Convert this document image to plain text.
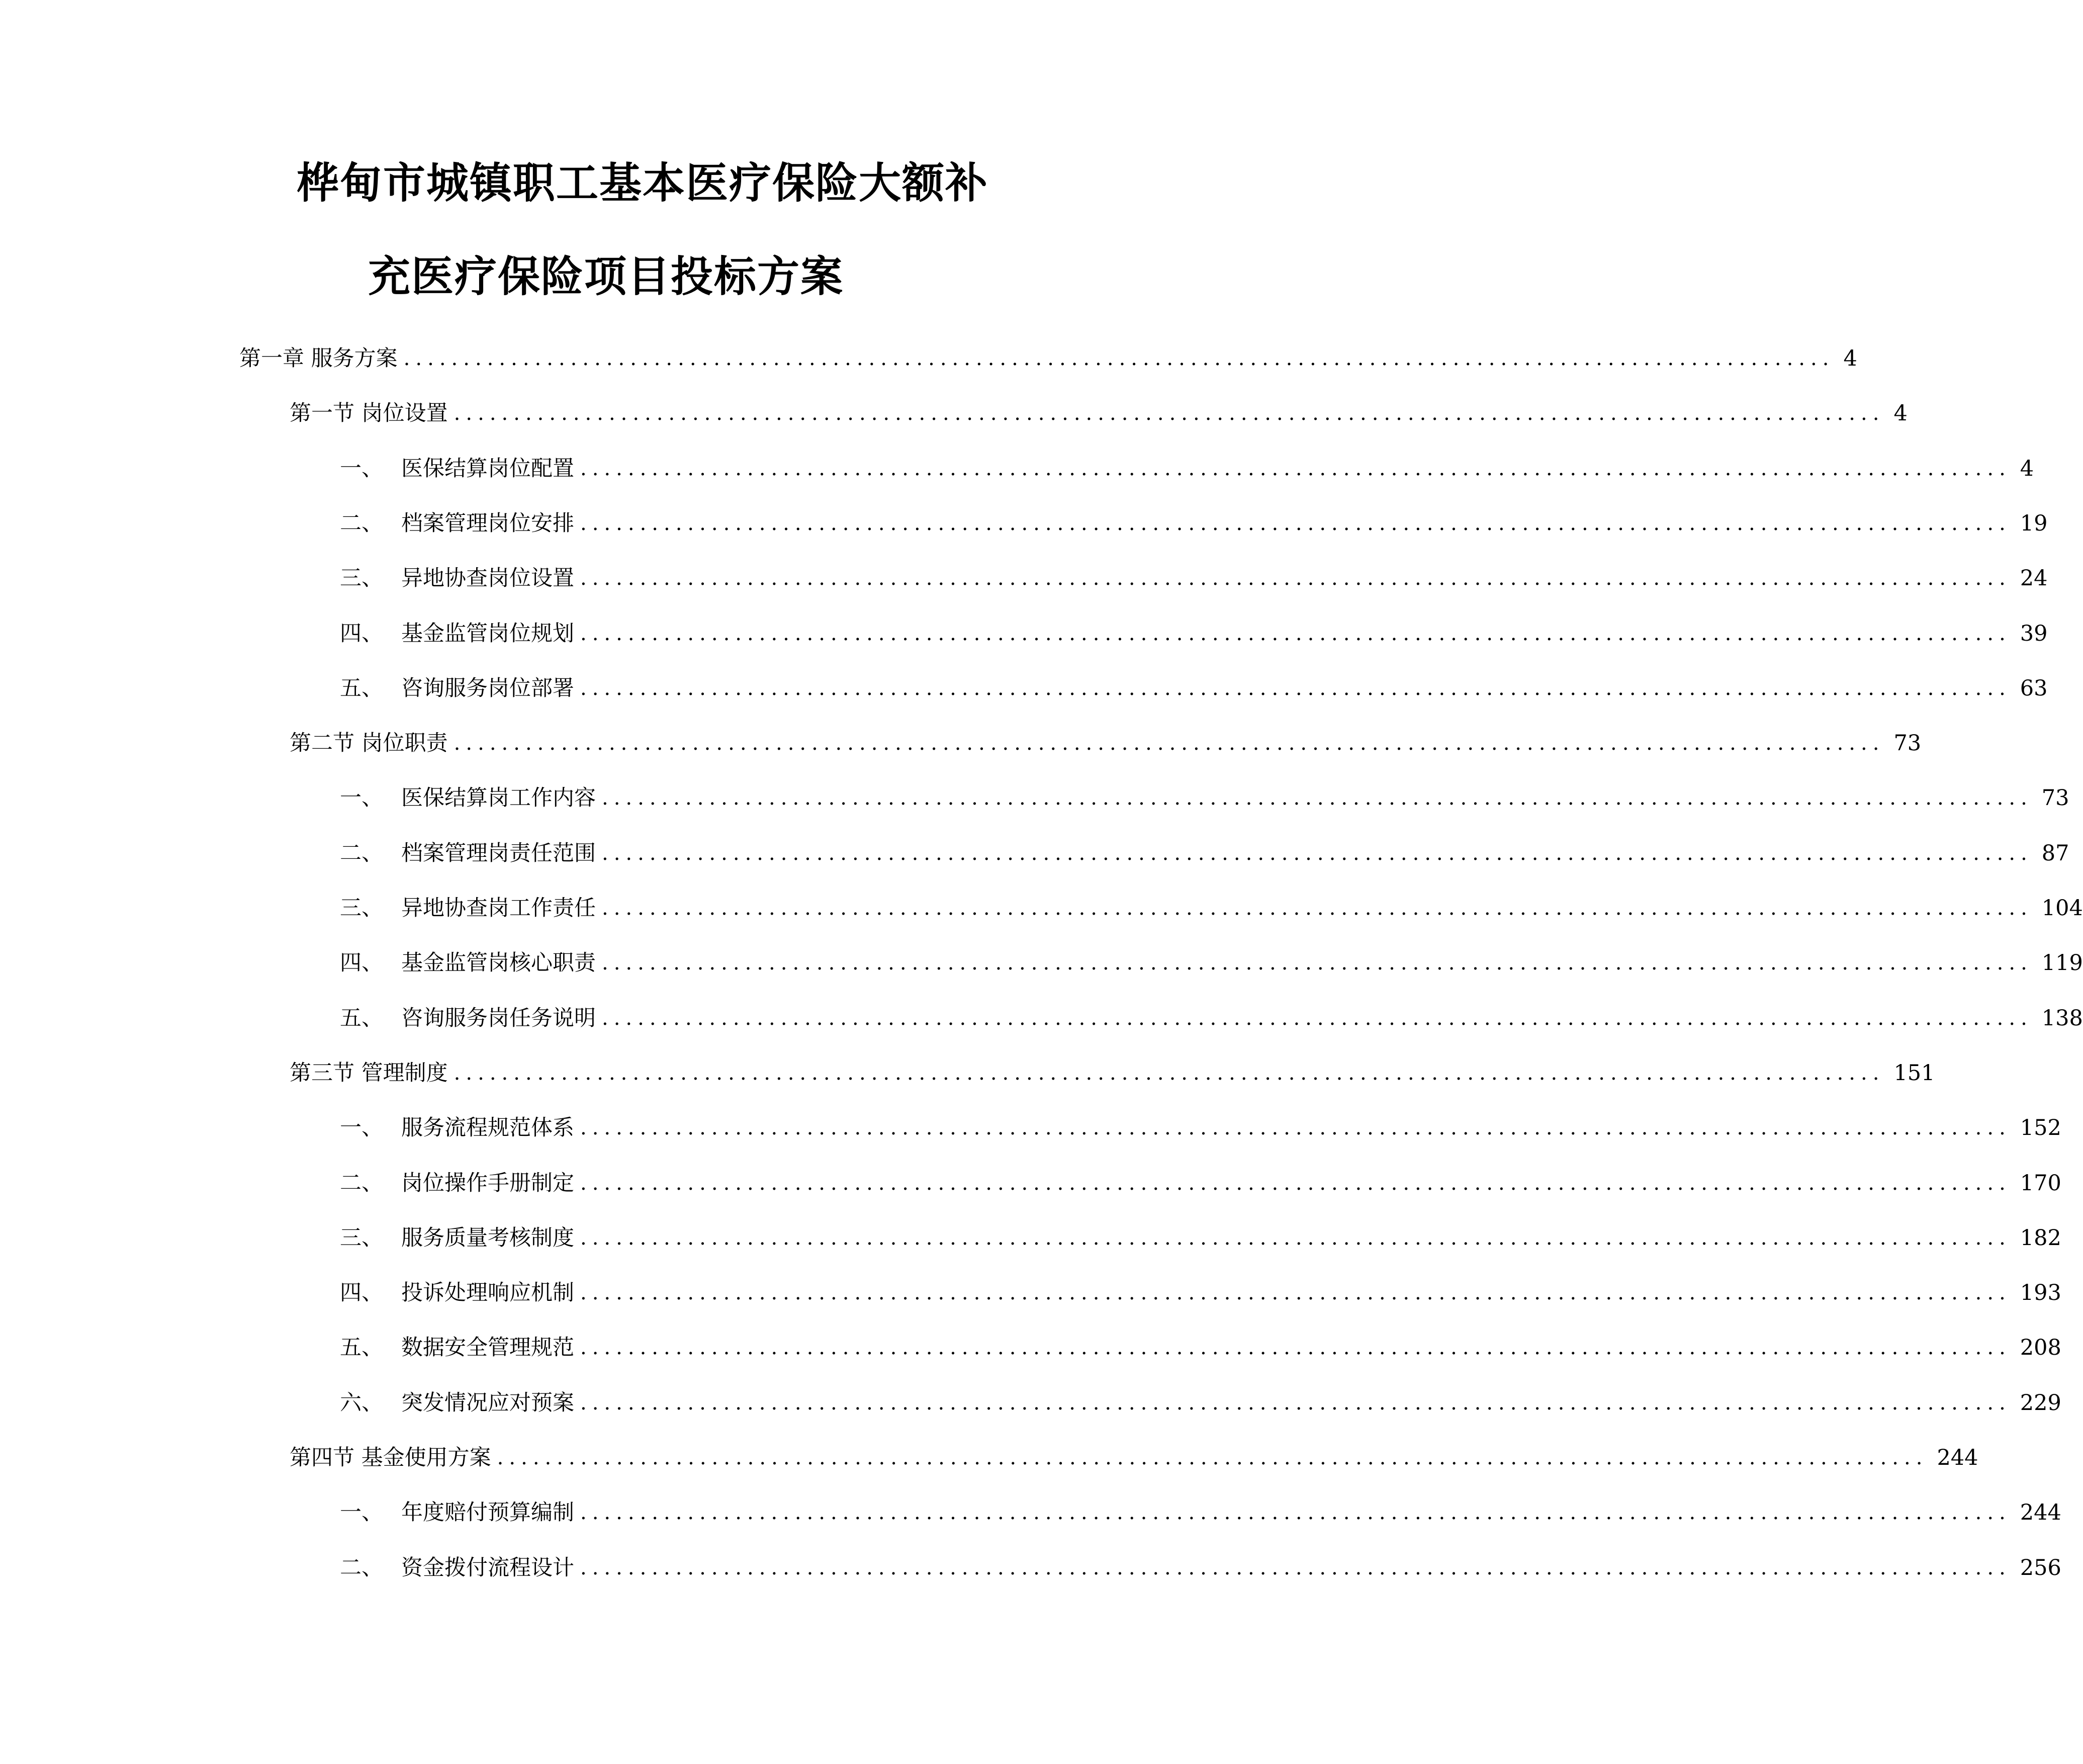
桦甸市城镇职工基本医疗保险大额补
充医疗保险项目投标方案
第一章 服务方案 ........................................................................................................................ 4
第一节 岗位设置 ........................................................................................................................ 4
一、 医保结算岗位配置 ........................................................................................................................ 4
二、 档案管理岗位安排 ........................................................................................................................ 19
三、 异地协查岗位设置 ........................................................................................................................ 24
四、 基金监管岗位规划 ........................................................................................................................ 39
五、 咨询服务岗位部署 ........................................................................................................................ 63
第二节 岗位职责 ........................................................................................................................ 73
一、 医保结算岗工作内容 ........................................................................................................................ 73
二、 档案管理岗责任范围 ........................................................................................................................ 87
三、 异地协查岗工作责任 ........................................................................................................................ 104
四、 基金监管岗核心职责 ........................................................................................................................ 119
五、 咨询服务岗任务说明 ........................................................................................................................ 138
第三节 管理制度 ........................................................................................................................ 151
一、 服务流程规范体系 ........................................................................................................................ 152
二、 岗位操作手册制定 ........................................................................................................................ 170
三、 服务质量考核制度 ........................................................................................................................ 182
四、 投诉处理响应机制 ........................................................................................................................ 193
五、 数据安全管理规范 ........................................................................................................................ 208
六、 突发情况应对预案 ........................................................................................................................ 229
第四节 基金使用方案 ........................................................................................................................ 244
一、 年度赔付预算编制 ........................................................................................................................ 244
二、 资金拨付流程设计 ........................................................................................................................ 256
